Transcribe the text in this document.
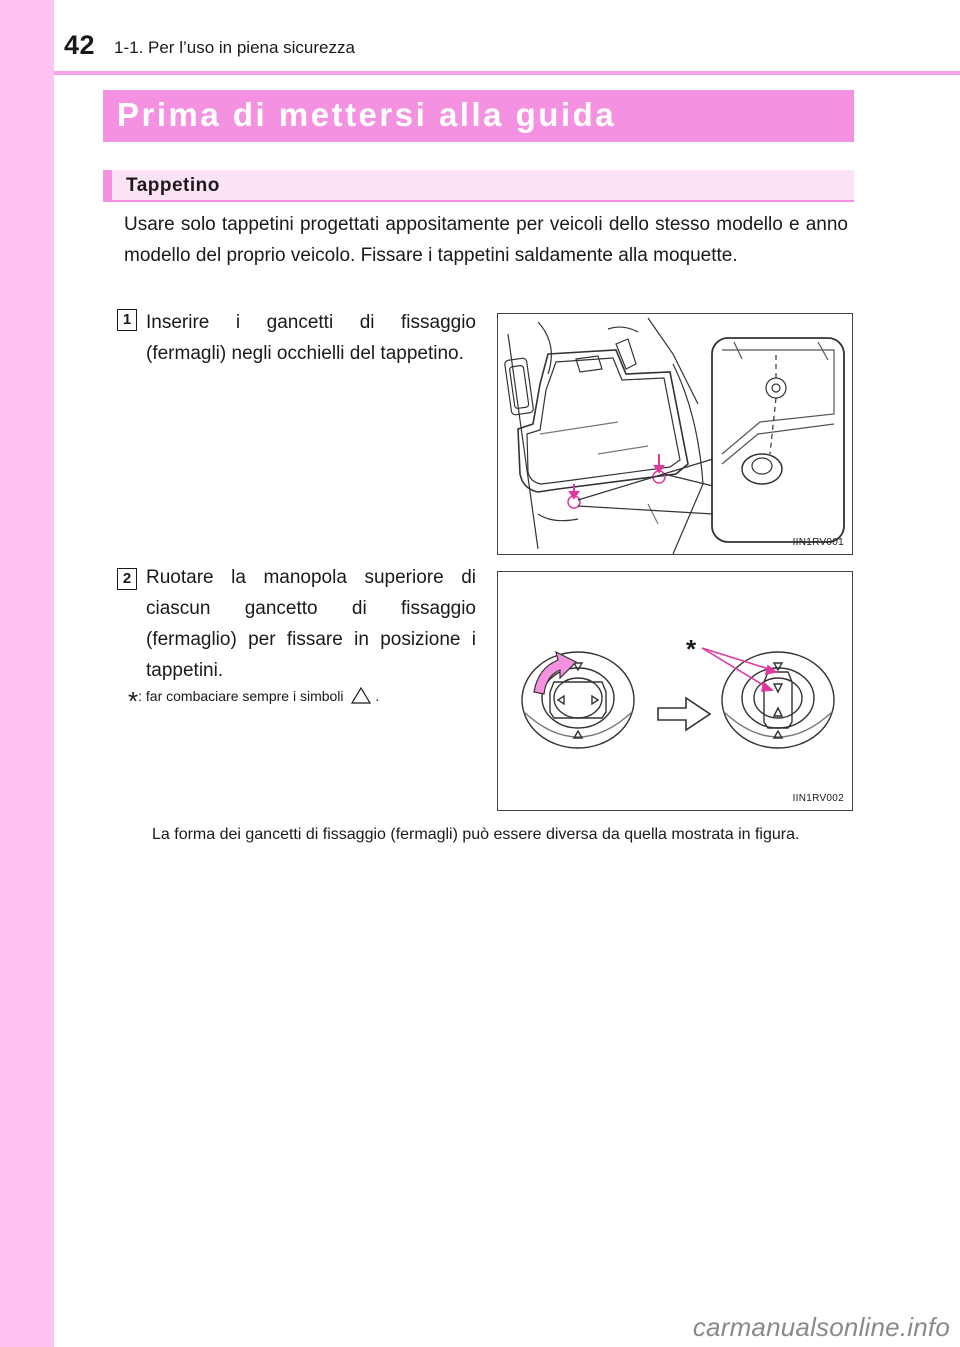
42 1-1. Per l’uso in piena sicurezza
Prima di mettersi alla guida
Tappetino
Usare solo tappetini progettati appositamente per veicoli dello stesso modello e anno modello del proprio veicolo. Fissare i tappetini saldamente alla moquette.
1 Inserire i gancetti di fissaggio (fermagli) negli occhielli del tappetino.
IIN1RV001
2 Ruotare la manopola superiore di ciascun gancetto di fissaggio (fermaglio) per fissare in posizione i tappetini.
*: far combaciare sempre i simboli .
*
IIN1RV002
La forma dei gancetti di fissaggio (fermagli) può essere diversa da quella mostrata in figura.
carmanualsonline.info
